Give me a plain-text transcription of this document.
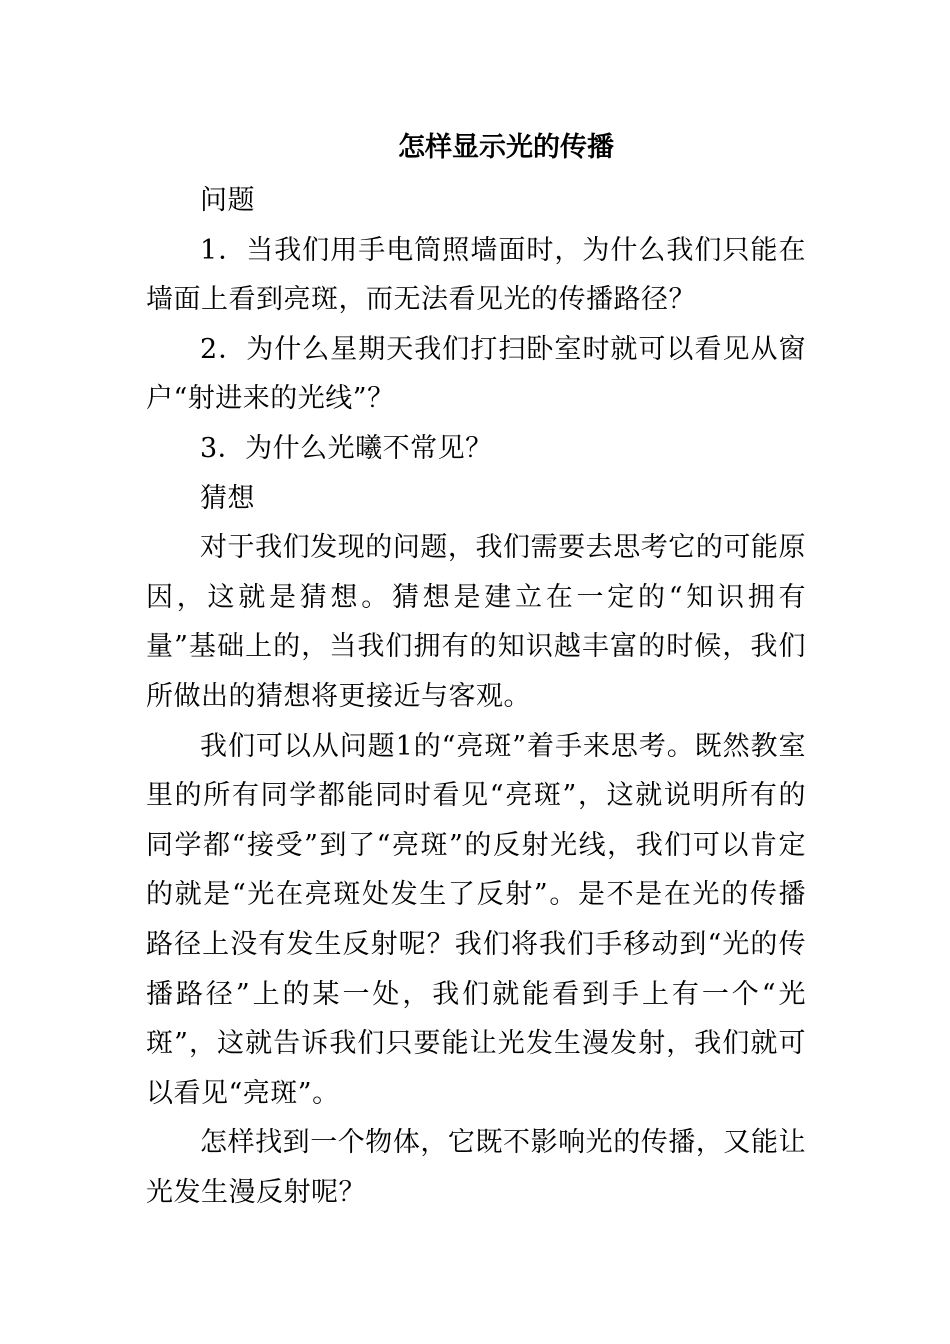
怎样显示光的传播

问题

1．当我们用手电筒照墙面时，为什么我们只能在墙面上看到亮斑，而无法看见光的传播路径？

2．为什么星期天我们打扫卧室时就可以看见从窗户“射进来的光线”？

3．为什么光曦不常见？

猜想

对于我们发现的问题，我们需要去思考它的可能原因，这就是猜想。猜想是建立在一定的“知识拥有量”基础上的，当我们拥有的知识越丰富的时候，我们所做出的猜想将更接近与客观。

我们可以从问题1的“亮斑”着手来思考。既然教室里的所有同学都能同时看见“亮斑”，这就说明所有的同学都“接受”到了“亮斑”的反射光线，我们可以肯定的就是“光在亮斑处发生了反射”。是不是在光的传播路径上没有发生反射呢？我们将我们手移动到“光的传播路径”上的某一处，我们就能看到手上有一个“光斑”，这就告诉我们只要能让光发生漫发射，我们就可以看见“亮斑”。

怎样找到一个物体，它既不影响光的传播，又能让光发生漫反射呢？
